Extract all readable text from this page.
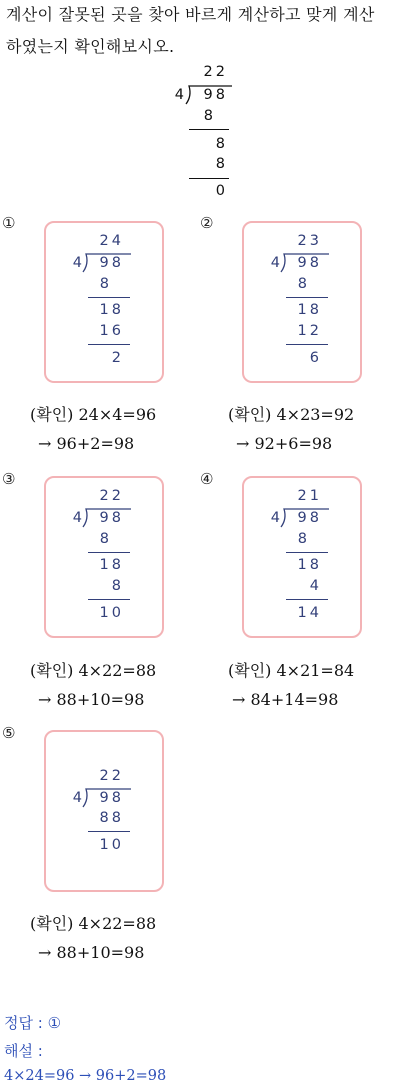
계산이 잘못된 곳을 찾아 바르게 계산하고 맞게 계산
하였는지 확인해보시오.
22
4	98
8
8
8
0
①
24
4	98
8
18
16
2
(확인) 24×4=96
→ 96+2=98
②
23
4	98
8
18
12
6
(확인) 4×23=92
→ 92+6=98
③
22
4	98
8
18
8
10
(확인) 4×22=88
→ 88+10=98
④
21
4	98
8
18
4
14
(확인) 4×21=84
→ 84+14=98
⑤
22
4	98
88
10
(확인) 4×22=88
→ 88+10=98
정답 : ①
해설 :
4×24=96 → 96+2=98
